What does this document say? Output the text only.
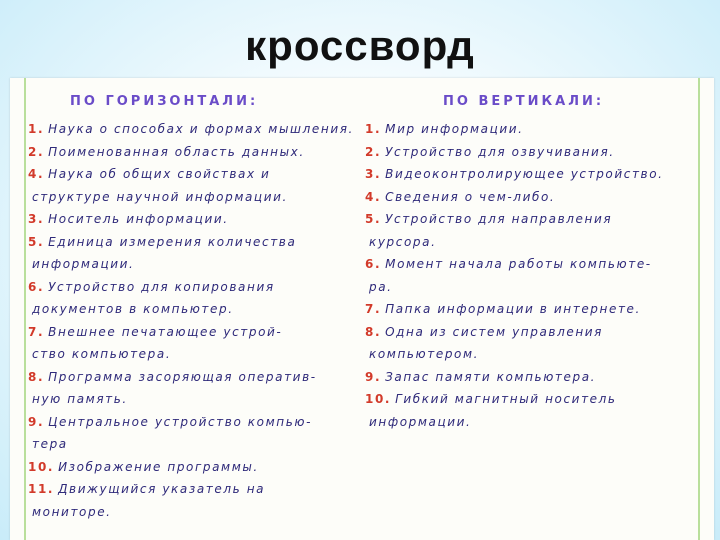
кроссворд
ПО ГОРИЗОНТАЛИ:
1. Наука о способах и формах мышления.
2. Поименованная область данных.
4. Наука об общих свойствах и
структуре научной информации.
3. Носитель информации.
5. Единица измерения количества
информации.
6. Устройство для копирования
документов в компьютер.
7. Внешнее печатающее устрой-
ство компьютера.
8. Программа засоряющая оператив-
ную память.
9. Центральное устройство компью-
тера
10. Изображение программы.
11. Движущийся указатель на
мониторе.
ПО ВЕРТИКАЛИ:
1. Мир информации.
2. Устройство для озвучивания.
3. Видеоконтролирующее устройство.
4. Сведения о чем-либо.
5. Устройство для направления
курсора.
6. Момент начала работы компьюте-
ра.
7. Папка информации в интернете.
8. Одна из систем управления
компьютером.
9. Запас памяти компьютера.
10. Гибкий магнитный носитель
информации.
